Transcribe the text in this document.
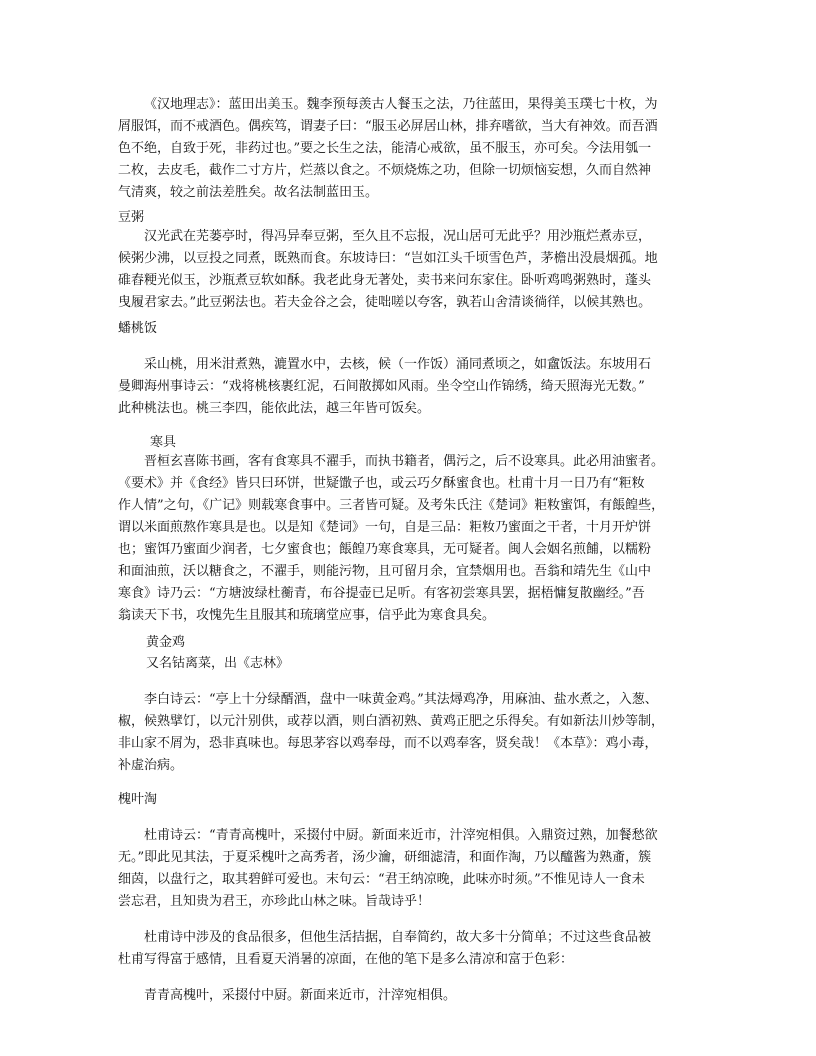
《汉地理志》：蓝田出美玉。魏李预每羡古人餐玉之法，乃往蓝田，果得美玉璞七十枚，为

屑服饵，而不戒酒色。偶疾笃，谓妻子曰：“服玉必屏居山林，排弃嗜欲，当大有神效。而吾酒

色不绝，自致于死，非药过也。”要之长生之法，能清心戒欲，虽不服玉，亦可矣。今法用瓠一

二枚，去皮毛，截作二寸方片，烂蒸以食之。不烦烧炼之功，但除一切烦恼妄想，久而自然神

气清爽，较之前法差胜矣。故名法制蓝田玉。

豆粥

汉光武在芜蒌亭时，得冯异奉豆粥，至久且不忘报，况山居可无此乎？用沙瓶烂煮赤豆，

候粥少沸，以豆投之同煮，既熟而食。东坡诗曰：“岂如江头千顷雪色芦，茅檐出没晨烟孤。地

碓舂粳光似玉，沙瓶煮豆软如酥。我老此身无著处，卖书来问东家住。卧听鸡鸣粥熟时，蓬头

曳履君家去。”此豆粥法也。若夫金谷之会，徒咄嗟以夸客，孰若山舍清谈徜徉，以候其熟也。

蟠桃饭

采山桃，用米泔煮熟，漉置水中，去核，候（一作饭）涌同煮顷之，如盦饭法。东坡用石

曼卿海州事诗云：“戏将桃核裹红泥，石间散掷如风雨。坐令空山作锦绣，绮天照海光无数。”

此种桃法也。桃三李四，能依此法，越三年皆可饭矣。

寒具

晋桓玄喜陈书画，客有食寒具不濯手，而执书籍者，偶污之，后不设寒具。此必用油蜜者。

《要术》并《食经》皆只曰环饼，世疑馓子也，或云巧夕酥蜜食也。杜甫十月一日乃有“粔籹

作人情”之句，《广记》则载寒食事中。三者皆可疑。及考朱氏注《楚词》粔籹蜜饵，有餦餭些，

谓以米面煎熬作寒具是也。以是知《楚词》一句，自是三品：粔籹乃蜜面之干者，十月开炉饼

也；蜜饵乃蜜面少润者，七夕蜜食也；餦餭乃寒食寒具，无可疑者。闽人会姻名煎餔，以糯粉

和面油煎，沃以糖食之，不濯手，则能污物，且可留月余，宜禁烟用也。吾翁和靖先生《山中

寒食》诗乃云：“方塘波绿杜蘅青，布谷提壶已足听。有客初尝寒具罢，据梧慵复散幽经。”吾

翁读天下书，攻愧先生且服其和琉璃堂应事，信乎此为寒食具矣。

黄金鸡

又名钴离菜，出《志林》

李白诗云：“亭上十分绿醑酒，盘中一味黄金鸡。”其法燖鸡净，用麻油、盐水煮之，入葱、

椒，候熟擘饤，以元汁别供，或荐以酒，则白酒初熟、黄鸡正肥之乐得矣。有如新法川炒等制，

非山家不屑为，恐非真味也。每思茅容以鸡奉母，而不以鸡奉客，贤矣哉！《本草》：鸡小毒，

补虚治病。

槐叶淘

杜甫诗云：“青青高槐叶，采掇付中厨。新面来近市，汁滓宛相俱。入鼎资过熟，加餐愁欲

无。”即此见其法，于夏采槐叶之高秀者，汤少瀹，研细滤清，和面作淘，乃以醯酱为熟齑，簇

细茵，以盘行之，取其碧鲜可爱也。末句云：“君王纳凉晚，此味亦时须。”不惟见诗人一食未

尝忘君，且知贵为君王，亦珍此山林之味。旨哉诗乎！

杜甫诗中涉及的食品很多，但他生活拮据，自奉简约，故大多十分简单；不过这些食品被

杜甫写得富于感情，且看夏天消暑的凉面，在他的笔下是多么清凉和富于色彩：

青青高槐叶，采掇付中厨。新面来近市，汁滓宛相俱。
